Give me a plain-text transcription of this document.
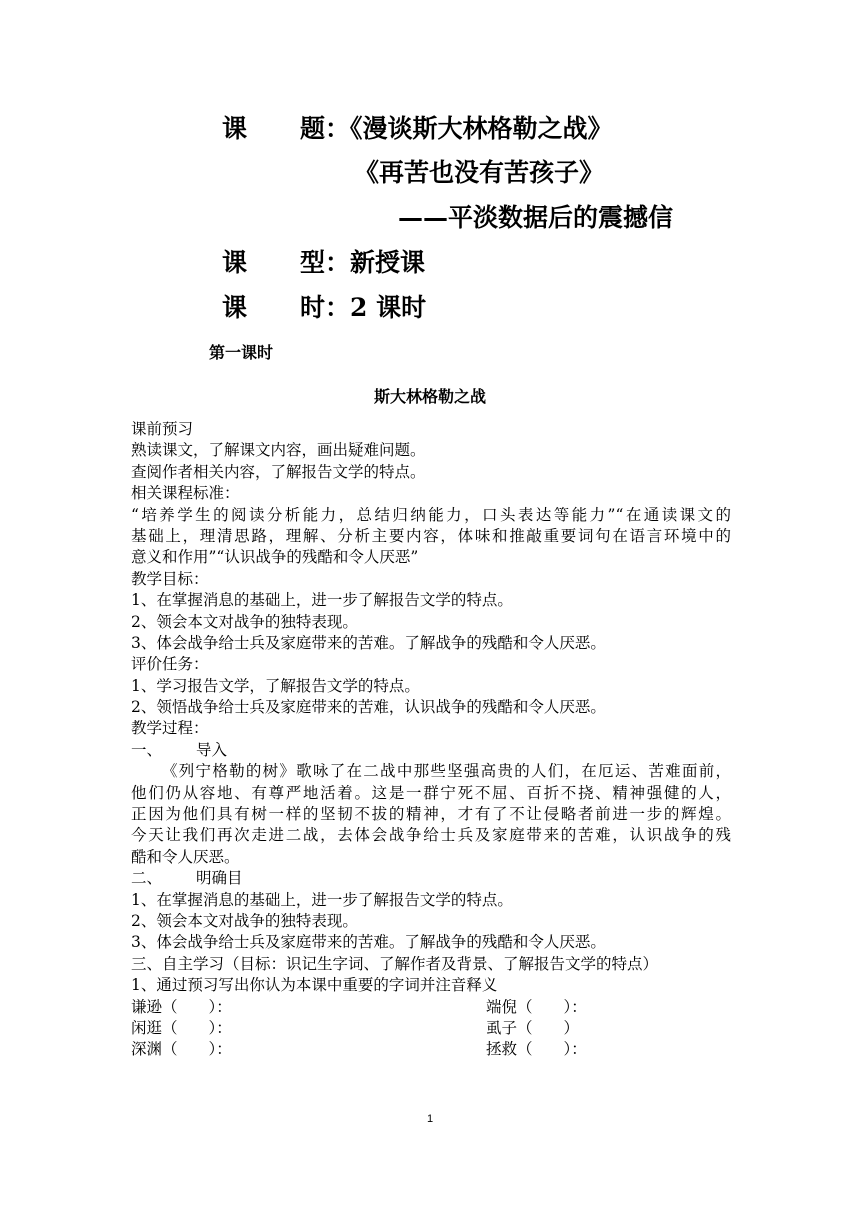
课 题：《漫谈斯大林格勒之战》
《再苦也没有苦孩子》
——平淡数据后的震撼信
课 型：新授课
课 时：2 课时
第一课时
斯大林格勒之战
课前预习
熟读课文，了解课文内容，画出疑难问题。
查阅作者相关内容，了解报告文学的特点。
相关课程标准：
“培养学生的阅读分析能力，总结归纳能力，口头表达等能力”“在通读课文的
基础上，理清思路，理解、分析主要内容，体味和推敲重要词句在语言环境中的
意义和作用”“认识战争的残酷和令人厌恶”
教学目标：
1、在掌握消息的基础上，进一步了解报告文学的特点。
2、领会本文对战争的独特表现。
3、体会战争给士兵及家庭带来的苦难。了解战争的残酷和令人厌恶。
评价任务：
1、学习报告文学，了解报告文学的特点。
2、领悟战争给士兵及家庭带来的苦难，认识战争的残酷和令人厌恶。
教学过程：
一、 导入
《列宁格勒的树》歌咏了在二战中那些坚强高贵的人们，在厄运、苦难面前，
他们仍从容地、有尊严地活着。这是一群宁死不屈、百折不挠、精神强健的人，
正因为他们具有树一样的坚韧不拔的精神，才有了不让侵略者前进一步的辉煌。
今天让我们再次走进二战，去体会战争给士兵及家庭带来的苦难，认识战争的残
酷和令人厌恶。
二、 明确目
1、在掌握消息的基础上，进一步了解报告文学的特点。
2、领会本文对战争的独特表现。
3、体会战争给士兵及家庭带来的苦难。了解战争的残酷和令人厌恶。
三、自主学习（目标：识记生字词、了解作者及背景、了解报告文学的特点）
1、通过预习写出你认为本课中重要的字词并注音释义
谦逊（　　）：	端倪（　　）：
闲逛（　　）：	虱子（　　）
深渊（　　）：	拯救（　　）：
1
